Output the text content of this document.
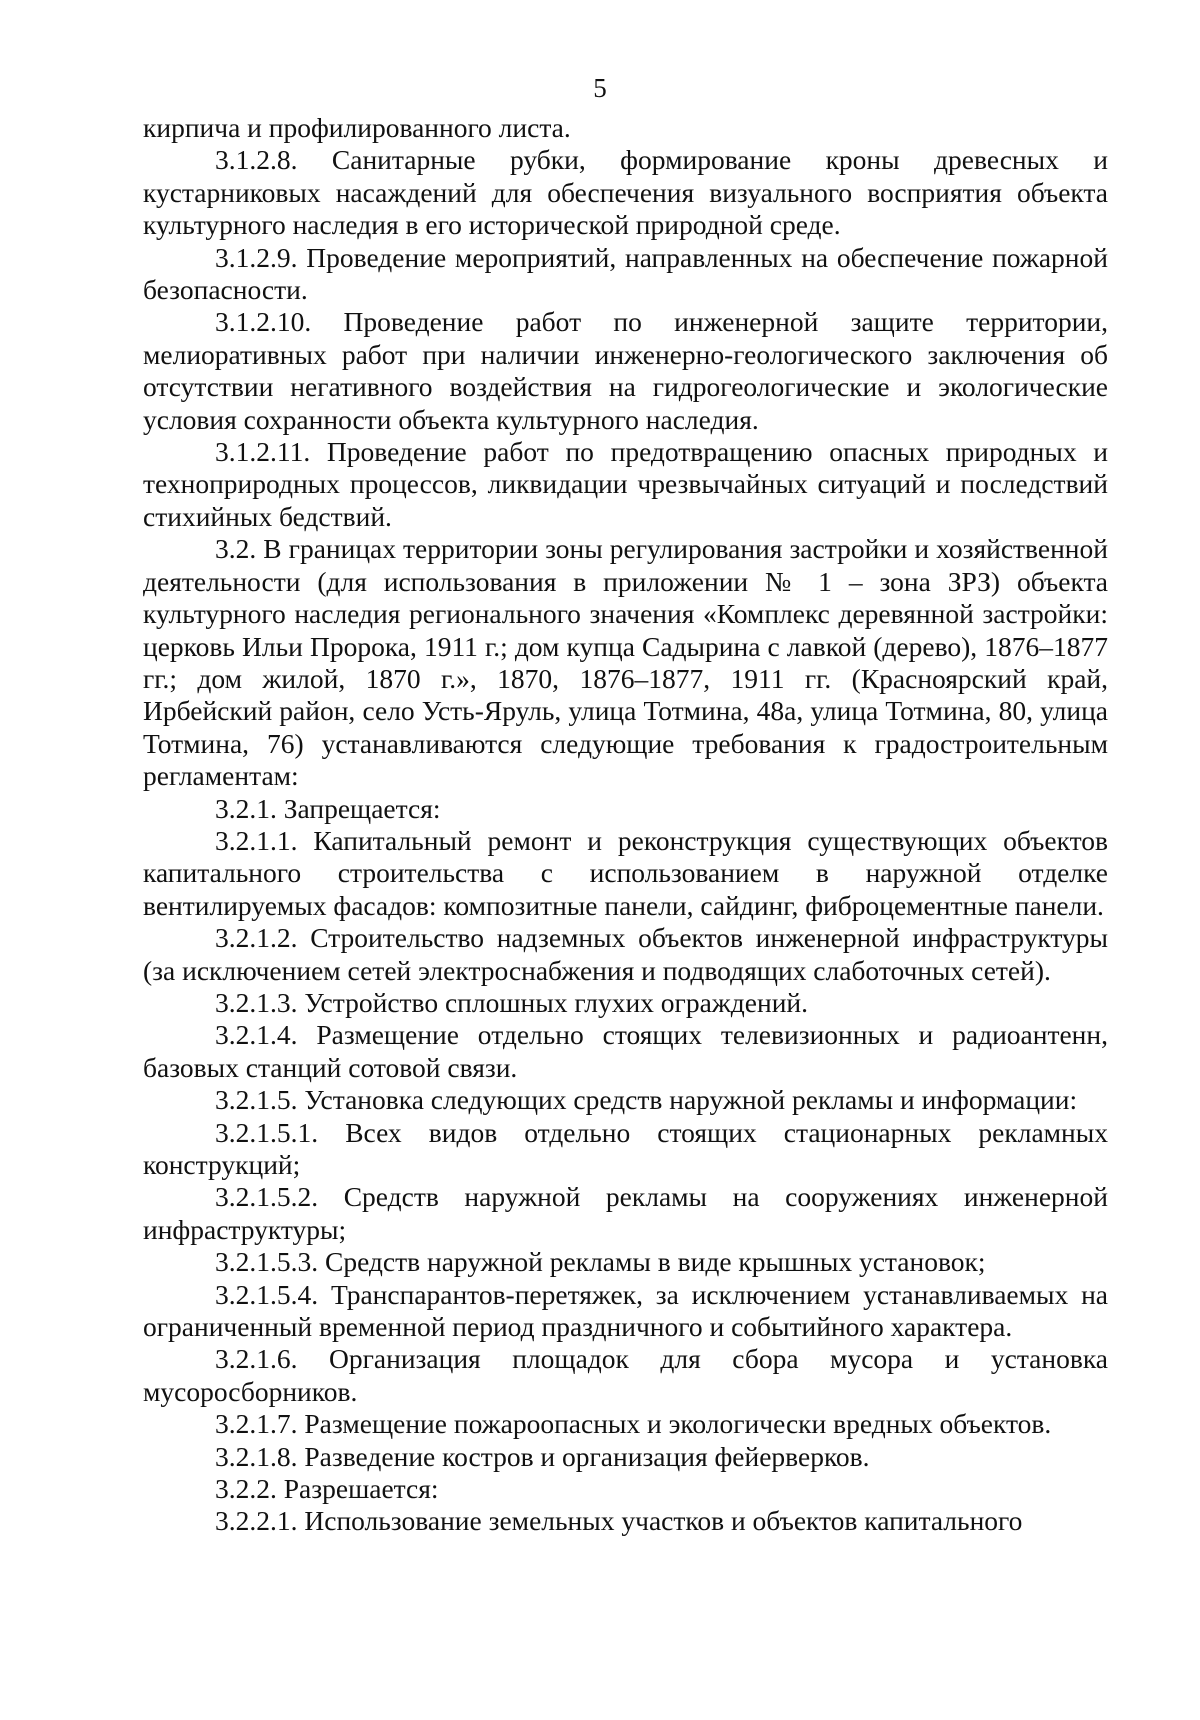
5

кирпича и профилированного листа.

3.1.2.8. Санитарные рубки, формирование кроны древесных и кустарниковых насаждений для обеспечения визуального восприятия объекта культурного наследия в его исторической природной среде.

3.1.2.9. Проведение мероприятий, направленных на обеспечение пожарной безопасности.

3.1.2.10. Проведение работ по инженерной защите территории, мелиоративных работ при наличии инженерно-геологического заключения об отсутствии негативного воздействия на гидрогеологические и экологические условия сохранности объекта культурного наследия.

3.1.2.11. Проведение работ по предотвращению опасных природных и техноприродных процессов, ликвидации чрезвычайных ситуаций и последствий стихийных бедствий.

3.2. В границах территории зоны регулирования застройки и хозяйственной деятельности (для использования в приложении № 1 – зона ЗРЗ) объекта культурного наследия регионального значения «Комплекс деревянной застройки: церковь Ильи Пророка, 1911 г.; дом купца Садырина с лавкой (дерево), 1876–1877 гг.; дом жилой, 1870 г.», 1870, 1876–1877, 1911 гг. (Красноярский край, Ирбейский район, село Усть-Яруль, улица Тотмина, 48а, улица Тотмина, 80, улица Тотмина, 76) устанавливаются следующие требования к градостроительным регламентам:

3.2.1. Запрещается:

3.2.1.1. Капитальный ремонт и реконструкция существующих объектов капитального строительства с использованием в наружной отделке вентилируемых фасадов: композитные панели, сайдинг, фиброцементные панели.

3.2.1.2. Строительство надземных объектов инженерной инфраструктуры (за исключением сетей электроснабжения и подводящих слаботочных сетей).

3.2.1.3. Устройство сплошных глухих ограждений.

3.2.1.4. Размещение отдельно стоящих телевизионных и радиоантенн, базовых станций сотовой связи.

3.2.1.5. Установка следующих средств наружной рекламы и информации:

3.2.1.5.1. Всех видов отдельно стоящих стационарных рекламных конструкций;

3.2.1.5.2. Средств наружной рекламы на сооружениях инженерной инфраструктуры;

3.2.1.5.3. Средств наружной рекламы в виде крышных установок;

3.2.1.5.4. Транспарантов-перетяжек, за исключением устанавливаемых на ограниченный временной период праздничного и событийного характера.

3.2.1.6. Организация площадок для сбора мусора и установка мусоросборников.

3.2.1.7. Размещение пожароопасных и экологически вредных объектов.

3.2.1.8. Разведение костров и организация фейерверков.

3.2.2. Разрешается:

3.2.2.1. Использование земельных участков и объектов капитального
